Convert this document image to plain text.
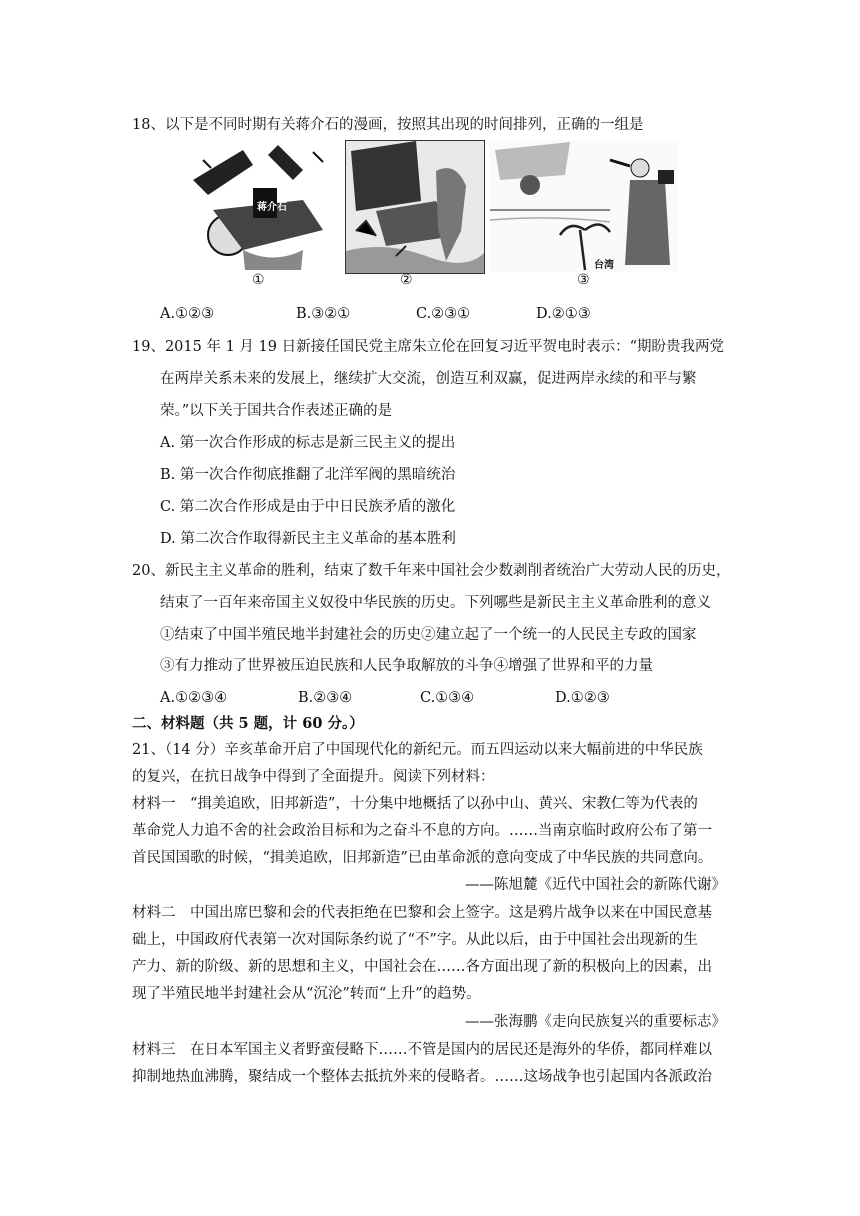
18、以下是不同时期有关蒋介石的漫画，按照其出现的时间排列，正确的一组是
蒋介石
台湾
①	②	③
A.①②③	B.③②①	C.②③①	D.②①③
19、2015 年 1 月 19 日新接任国民党主席朱立伦在回复习近平贺电时表示：“期盼贵我两党
在两岸关系未来的发展上，继续扩大交流，创造互利双赢，促进两岸永续的和平与繁
荣。”以下关于国共合作表述正确的是
A. 第一次合作形成的标志是新三民主义的提出
B. 第一次合作彻底推翻了北洋军阀的黑暗统治
C. 第二次合作形成是由于中日民族矛盾的激化
D. 第二次合作取得新民主主义革命的基本胜利
20、新民主主义革命的胜利，结束了数千年来中国社会少数剥削者统治广大劳动人民的历史，
结束了一百年来帝国主义奴役中华民族的历史。下列哪些是新民主主义革命胜利的意义
①结束了中国半殖民地半封建社会的历史②建立起了一个统一的人民民主专政的国家
③有力推动了世界被压迫民族和人民争取解放的斗争④增强了世界和平的力量
A.①②③④	B.②③④	C.①③④	D.①②③
二、材料题（共 5 题，计 60 分。）
21、（14 分）辛亥革命开启了中国现代化的新纪元。而五四运动以来大幅前进的中华民族
的复兴，在抗日战争中得到了全面提升。阅读下列材料：
材料一　“揖美追欧，旧邦新造”，十分集中地概括了以孙中山、黄兴、宋教仁等为代表的
革命党人力追不舍的社会政治目标和为之奋斗不息的方向。……当南京临时政府公布了第一
首民国国歌的时候，“揖美追欧，旧邦新造”已由革命派的意向变成了中华民族的共同意向。
——陈旭麓《近代中国社会的新陈代谢》
材料二　中国出席巴黎和会的代表拒绝在巴黎和会上签字。这是鸦片战争以来在中国民意基
础上，中国政府代表第一次对国际条约说了“不”字。从此以后，由于中国社会出现新的生
产力、新的阶级、新的思想和主义，中国社会在……各方面出现了新的积极向上的因素，出
现了半殖民地半封建社会从“沉沦”转而“上升”的趋势。
——张海鹏《走向民族复兴的重要标志》
材料三　在日本军国主义者野蛮侵略下……不管是国内的居民还是海外的华侨，都同样难以
抑制地热血沸腾，聚结成一个整体去抵抗外来的侵略者。……这场战争也引起国内各派政治
